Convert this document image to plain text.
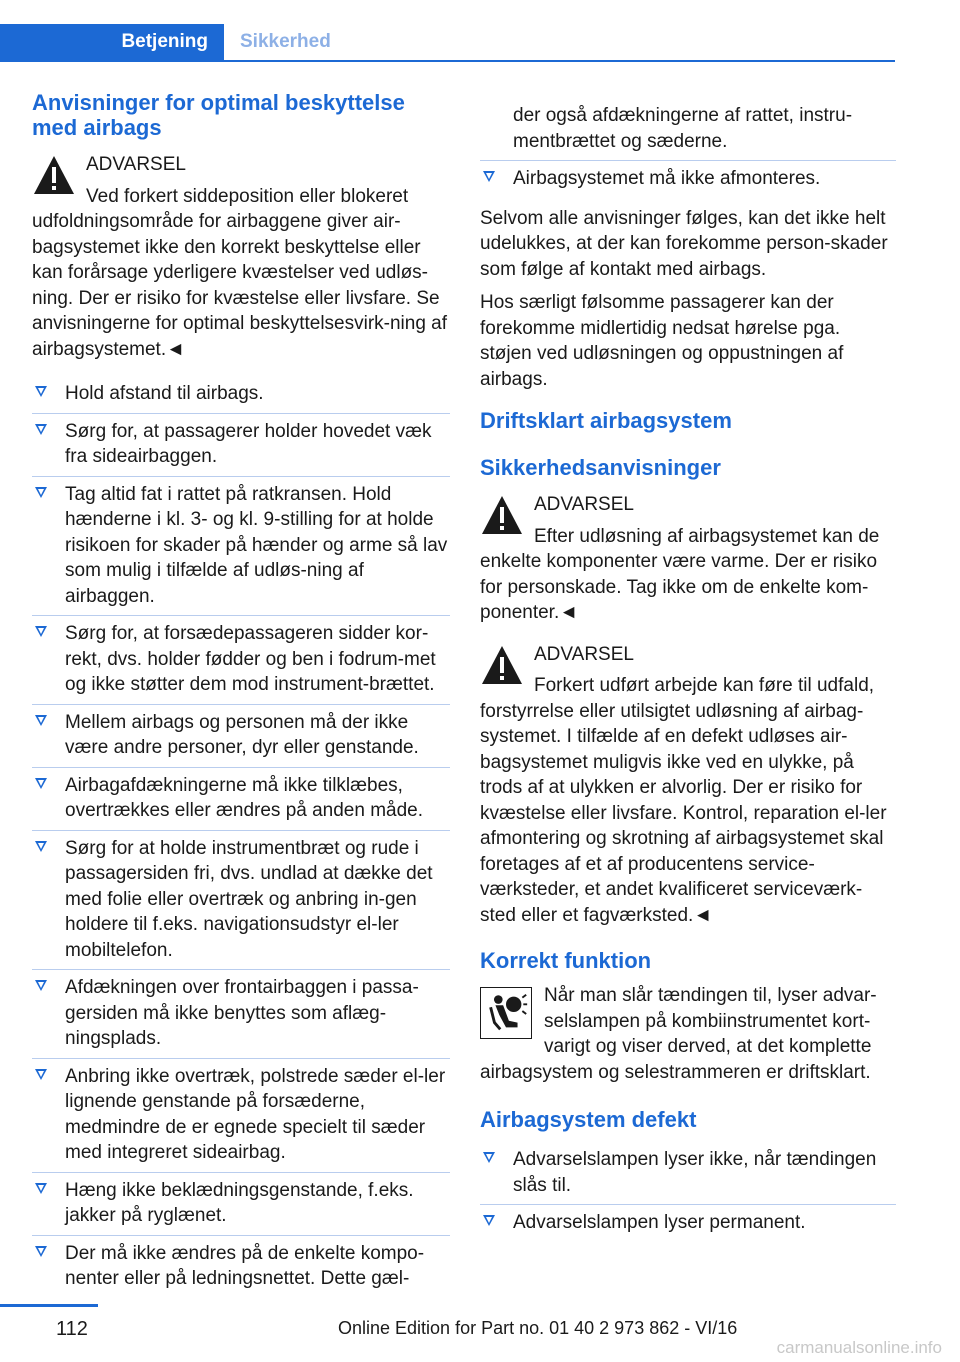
Betjening	Sikkerhed
Anvisninger for optimal beskyttelse med airbags
ADVARSEL
Ved forkert siddeposition eller blokeret udfoldningsområde for airbaggene giver air-bagsystemet ikke den korrekt beskyttelse eller kan forårsage yderligere kvæstelser ved udløs-ning. Der er risiko for kvæstelse eller livsfare. Se anvisningerne for optimal beskyttelsesvirk-ning af airbagsystemet.◄
Hold afstand til airbags.
Sørg for, at passagerer holder hovedet væk fra sideairbaggen.
Tag altid fat i rattet på ratkransen. Hold hænderne i kl. 3- og kl. 9-stilling for at holde risikoen for skader på hænder og arme så lav som mulig i tilfælde af udløs-ning af airbaggen.
Sørg for, at forsædepassageren sidder kor-rekt, dvs. holder fødder og ben i fodrum-met og ikke støtter dem mod instrument-brættet.
Mellem airbags og personen må der ikke være andre personer, dyr eller genstande.
Airbagafdækningerne må ikke tilklæbes, overtrækkes eller ændres på anden måde.
Sørg for at holde instrumentbræt og rude i passagersiden fri, dvs. undlad at dække det med folie eller overtræk og anbring in-gen holdere til f.eks. navigationsudstyr el-ler mobiltelefon.
Afdækningen over frontairbaggen i passa-gersiden må ikke benyttes som aflæg-ningsplads.
Anbring ikke overtræk, polstrede sæder el-ler lignende genstande på forsæderne, medmindre de er egnede specielt til sæder med integreret sideairbag.
Hæng ikke beklædningsgenstande, f.eks. jakker på ryglænet.
Der må ikke ændres på de enkelte kompo-nenter eller på ledningsnettet. Dette gæl-
der også afdækningerne af rattet, instru-mentbrættet og sæderne.
Airbagsystemet må ikke afmonteres.

Selvom alle anvisninger følges, kan det ikke helt udelukkes, at der kan forekomme person-skader som følge af kontakt med airbags.

Hos særligt følsomme passagerer kan der forekomme midlertidig nedsat hørelse pga. støjen ved udløsningen og oppustningen af airbags.

Driftsklart airbagsystem
Sikkerhedsanvisninger
ADVARSEL
Efter udløsning af airbagsystemet kan de enkelte komponenter være varme. Der er risiko for personskade. Tag ikke om de enkelte kom-ponenter.◄
ADVARSEL
Forkert udført arbejde kan føre til udfald, forstyrrelse eller utilsigtet udløsning af airbag-systemet. I tilfælde af en defekt udløses air-bagsystemet muligvis ikke ved en ulykke, på trods af at ulykken er alvorlig. Der er risiko for kvæstelse eller livsfare. Kontrol, reparation el-ler afmontering og skrotning af airbagsystemet skal foretages af et af producentens service-værksteder, et andet kvalificeret serviceværk-sted eller et fagværksted.◄
Korrekt funktion
Når man slår tændingen til, lyser advar-selslampen på kombiinstrumentet kort-varigt og viser derved, at det komplette airbagsystem og selestrammeren er driftsklart.
Airbagsystem defekt
Advarselslampen lyser ikke, når tændingen slås til.
Advarselslampen lyser permanent.
112	Online Edition for Part no. 01 40 2 973 862 - VI/16
carmanualsonline.info
